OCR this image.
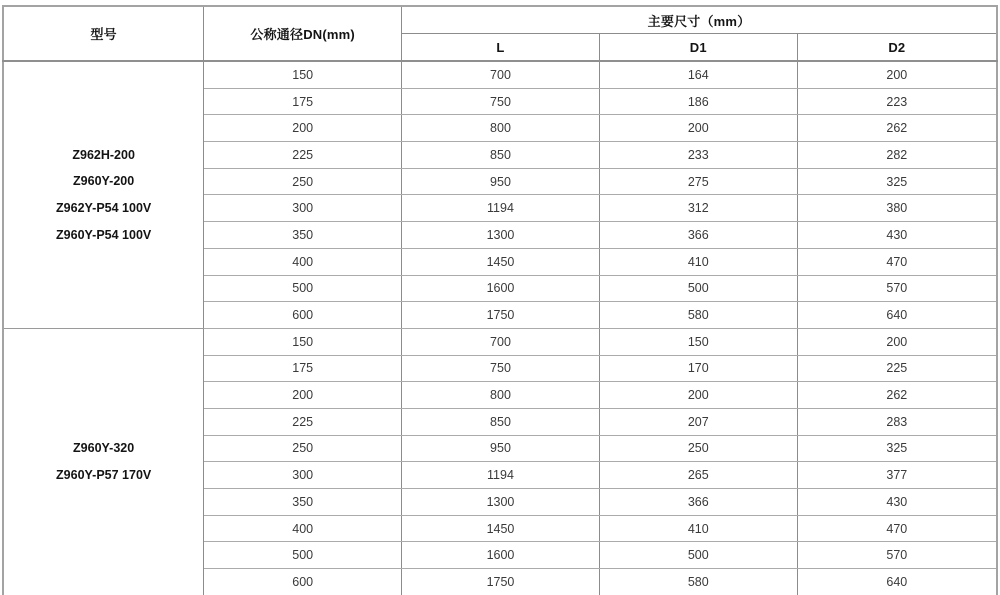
型号	公称通径DN(mm)	主要尺寸（mm）		
		L	D1	D2

Z962H-200
Z960Y-200
Z962Y-P54 100V
Z960Y-P54 100V	150	700	164	200
	175	750	186	223
	200	800	200	262
	225	850	233	282
	250	950	275	325
	300	1194	312	380
	350	1300	366	430
	400	1450	410	470
	500	1600	500	570
	600	1750	580	640

Z960Y-320
Z960Y-P57 170V	150	700	150	200
	175	750	170	225
	200	800	200	262
	225	850	207	283
	250	950	250	325
	300	1194	265	377
	350	1300	366	430
	400	1450	410	470
	500	1600	500	570
	600	1750	580	640
